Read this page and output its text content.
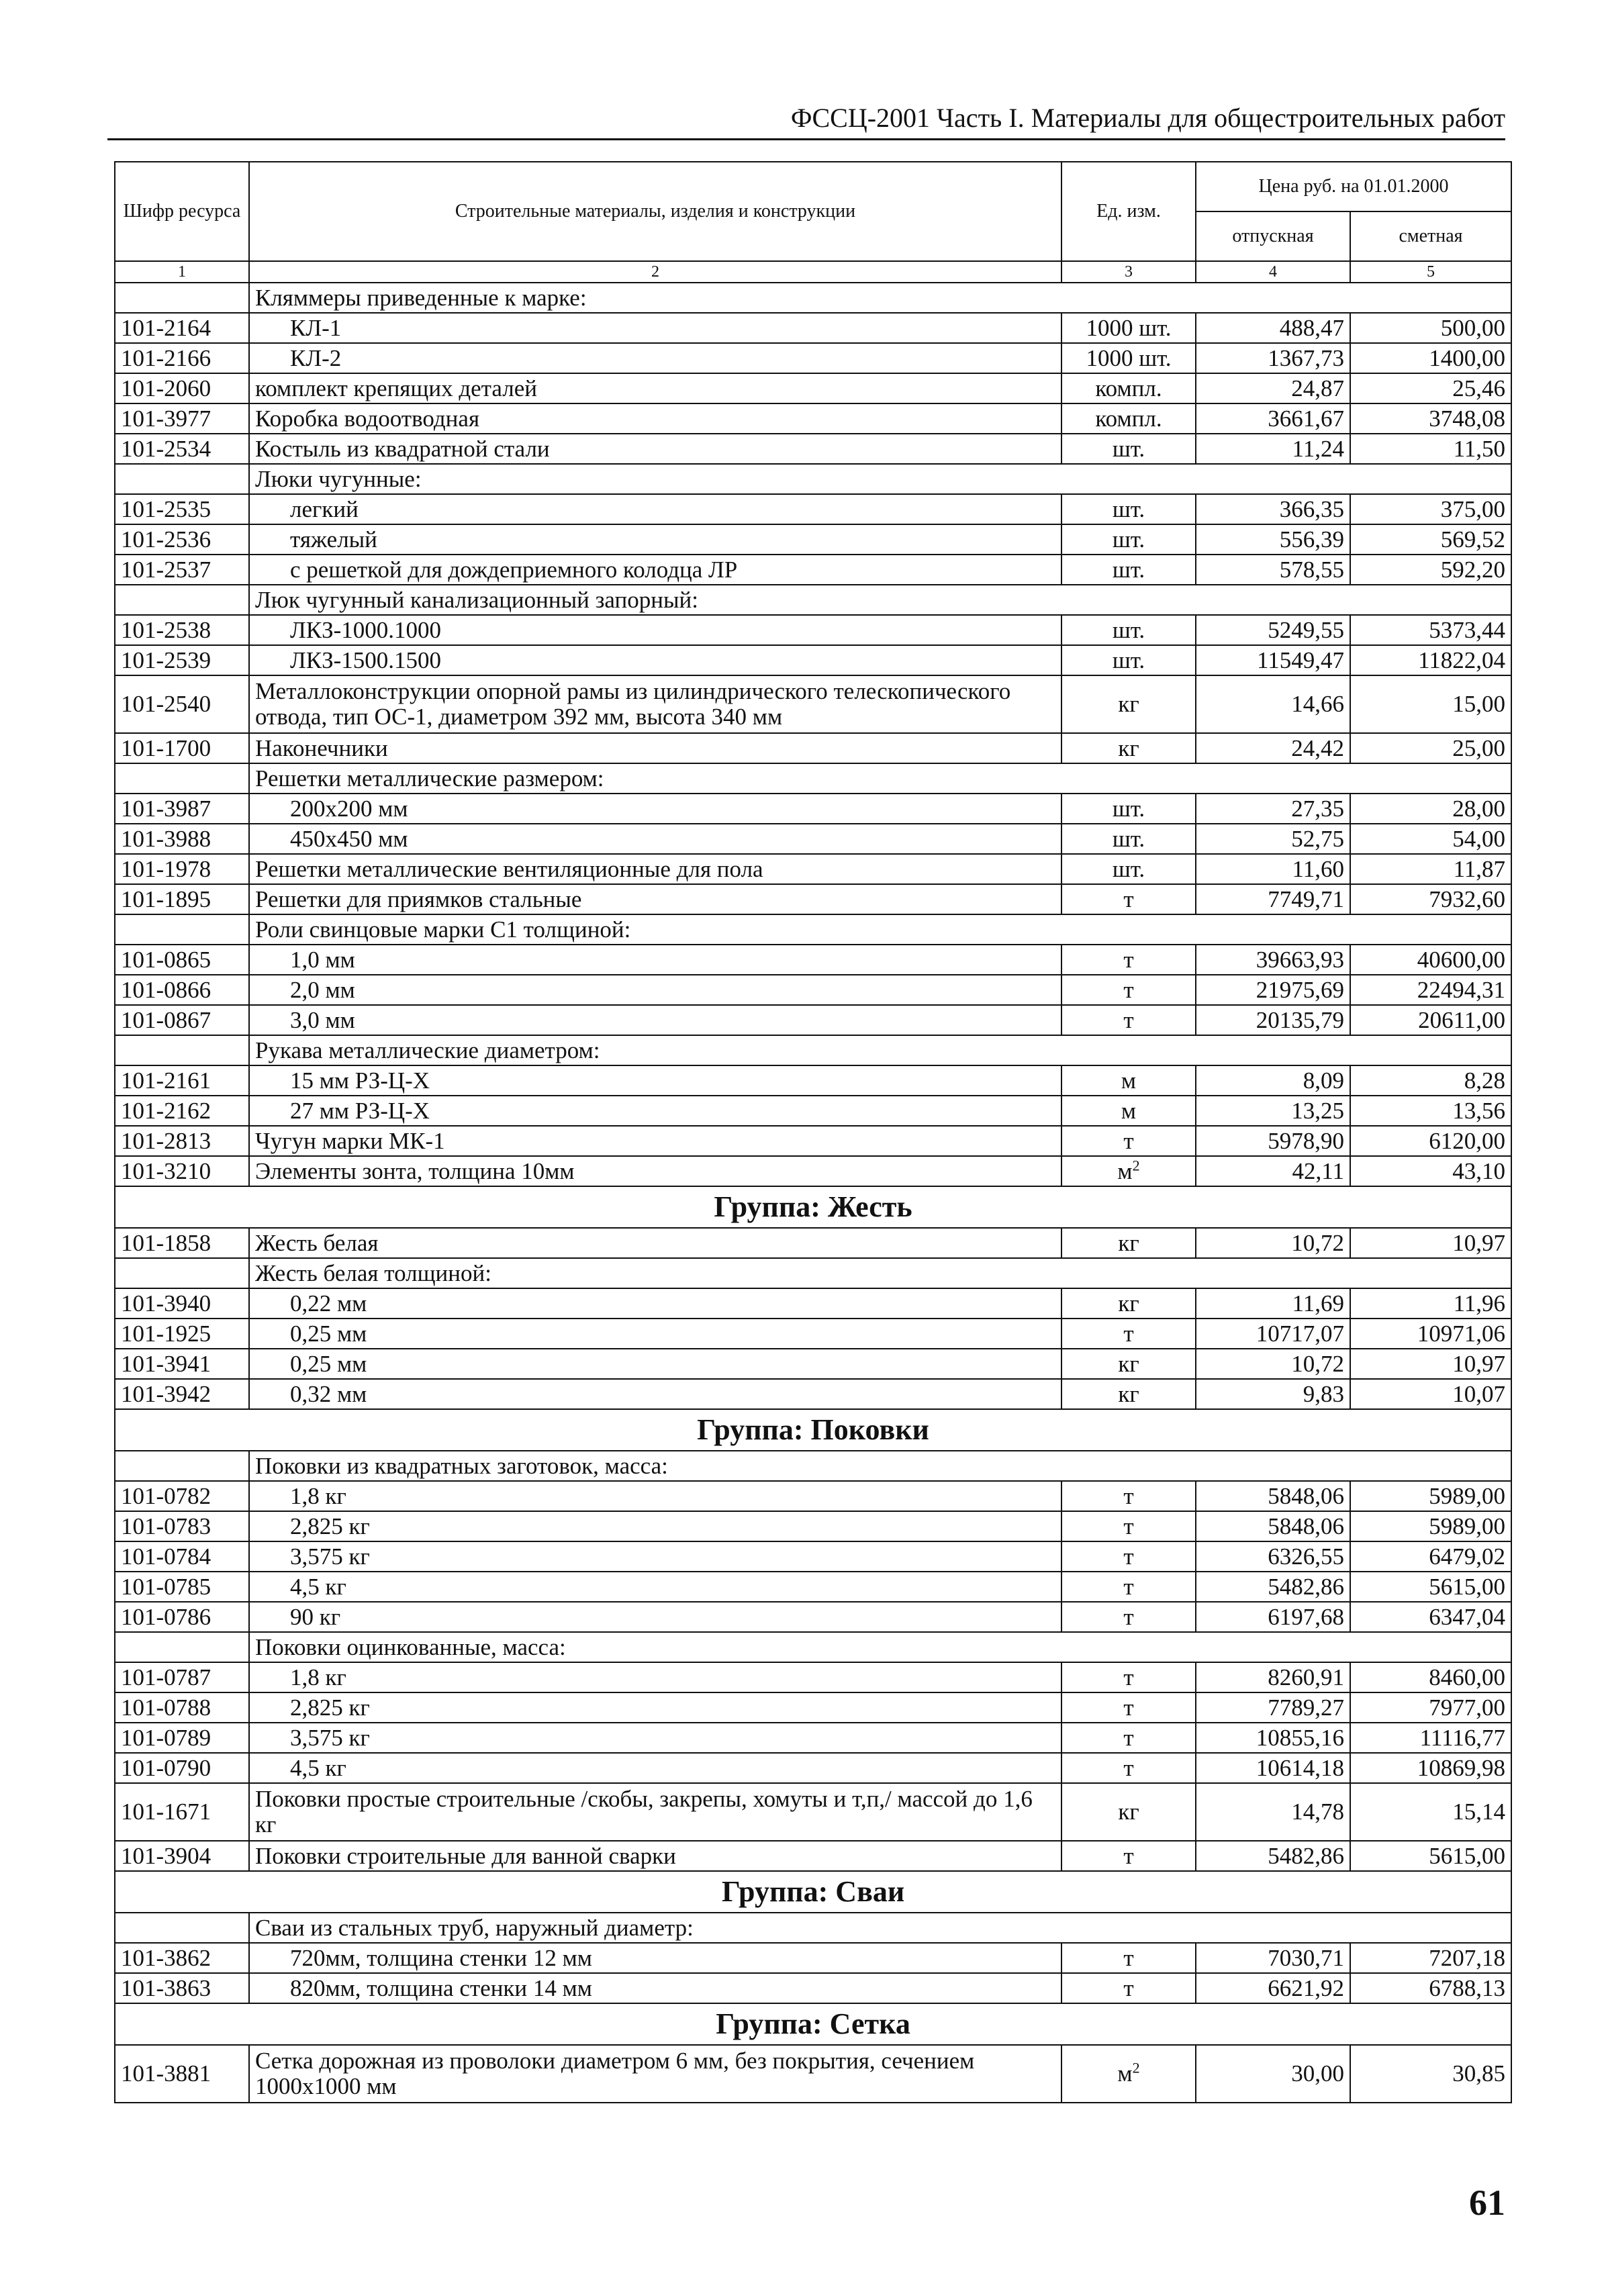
ФССЦ-2001 Часть I. Материалы для общестроительных работ
Шифр ресурса	Строительные материалы, изделия и конструкции	Ед. изм.	Цена руб. на 01.01.2000	
			отпускная	сметная
1	2	3	4	5
	Кляммеры приведенные к марке:			
101-2164	КЛ-1	1000 шт.	488,47	500,00
101-2166	КЛ-2	1000 шт.	1367,73	1400,00
101-2060	комплект крепящих деталей	компл.	24,87	25,46
101-3977	Коробка водоотводная	компл.	3661,67	3748,08
101-2534	Костыль из квадратной стали	шт.	11,24	11,50
	Люки чугунные:			
101-2535	легкий	шт.	366,35	375,00
101-2536	тяжелый	шт.	556,39	569,52
101-2537	с решеткой для дождеприемного колодца ЛР	шт.	578,55	592,20
	Люк чугунный канализационный запорный:			
101-2538	ЛКЗ-1000.1000	шт.	5249,55	5373,44
101-2539	ЛКЗ-1500.1500	шт.	11549,47	11822,04
101-2540	Металлоконструкции опорной рамы из цилиндрического телескопического отвода, тип ОС-1, диаметром 392 мм, высота 340 мм	кг	14,66	15,00
101-1700	Наконечники	кг	24,42	25,00
	Решетки металлические размером:			
101-3987	200x200 мм	шт.	27,35	28,00
101-3988	450x450 мм	шт.	52,75	54,00
101-1978	Решетки металлические вентиляционные для пола	шт.	11,60	11,87
101-1895	Решетки для приямков стальные	т	7749,71	7932,60
	Роли свинцовые марки С1 толщиной:			
101-0865	1,0 мм	т	39663,93	40600,00
101-0866	2,0 мм	т	21975,69	22494,31
101-0867	3,0 мм	т	20135,79	20611,00
	Рукава металлические диаметром:			
101-2161	15 мм РЗ-Ц-Х	м	8,09	8,28
101-2162	27 мм РЗ-Ц-Х	м	13,25	13,56
101-2813	Чугун марки МК-1	т	5978,90	6120,00
101-3210	Элементы зонта, толщина 10мм	$м^2$	42,11	43,10
Группа: Жесть				
101-1858	Жесть белая	кг	10,72	10,97
	Жесть белая толщиной:			
101-3940	0,22 мм	кг	11,69	11,96
101-1925	0,25 мм	т	10717,07	10971,06
101-3941	0,25 мм	кг	10,72	10,97
101-3942	0,32 мм	кг	9,83	10,07
Группа: Поковки				
	Поковки из квадратных заготовок, масса:			
101-0782	1,8 кг	т	5848,06	5989,00
101-0783	2,825 кг	т	5848,06	5989,00
101-0784	3,575 кг	т	6326,55	6479,02
101-0785	4,5 кг	т	5482,86	5615,00
101-0786	90 кг	т	6197,68	6347,04
	Поковки оцинкованные, масса:			
101-0787	1,8 кг	т	8260,91	8460,00
101-0788	2,825 кг	т	7789,27	7977,00
101-0789	3,575 кг	т	10855,16	11116,77
101-0790	4,5 кг	т	10614,18	10869,98
101-1671	Поковки простые строительные /скобы, закрепы, хомуты и т,п,/ массой до 1,6 кг	кг	14,78	15,14
101-3904	Поковки строительные для ванной сварки	т	5482,86	5615,00
Группа: Сваи				
	Сваи из стальных труб, наружный диаметр:			
101-3862	720мм, толщина стенки 12 мм	т	7030,71	7207,18
101-3863	820мм, толщина стенки 14 мм	т	6621,92	6788,13
Группа: Сетка				
101-3881	Сетка дорожная из проволоки диаметром 6 мм, без покрытия, сечением 1000x1000 мм	$м^2$	30,00	30,85
61
